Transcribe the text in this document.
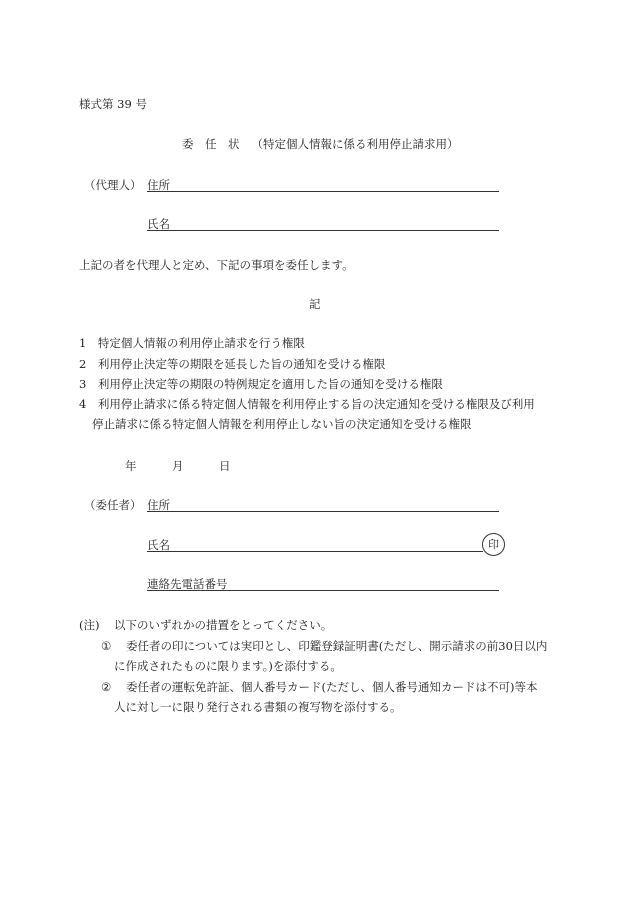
様式第 39 号
委　任　状 （特定個人情報に係る利用停止請求用）
（代理人） 住所
氏名
上記の者を代理人と定め、下記の事項を委任します。
記
1　特定個人情報の利用停止請求を行う権限
2　利用停止決定等の期限を延長した旨の通知を受ける権限
3　利用停止決定等の期限の特例規定を適用した旨の通知を受ける権限
4　利用停止請求に係る特定個人情報を利用停止する旨の決定通知を受ける権限及び利用
停止請求に係る特定個人情報を利用停止しない旨の決定通知を受ける権限
年	月	日
（委任者） 住所
氏名	印
連絡先電話番号
(注) 以下のいずれかの措置をとってください。
① 委任者の印については実印とし、印鑑登録証明書(ただし、開示請求の前30日以内
に作成されたものに限ります。)を添付する。
② 委任者の運転免許証、個人番号カード(ただし、個人番号通知カードは不可)等本
人に対し一に限り発行される書類の複写物を添付する。
